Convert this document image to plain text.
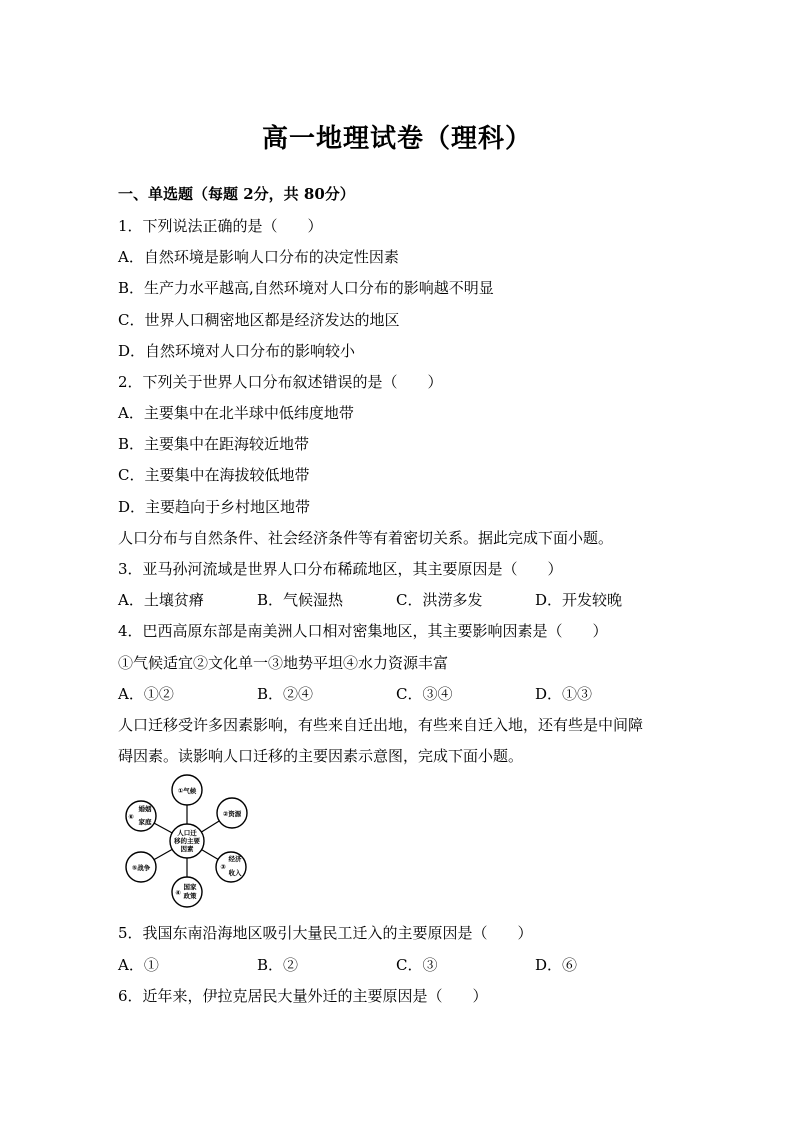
高一地理试卷（理科）
一、单选题（每题 2分，共 80分）
1．下列说法正确的是（　　）
A．自然环境是影响人口分布的决定性因素
B．生产力水平越高,自然环境对人口分布的影响越不明显
C．世界人口稠密地区都是经济发达的地区
D．自然环境对人口分布的影响较小
2．下列关于世界人口分布叙述错误的是（　　）
A．主要集中在北半球中低纬度地带
B．主要集中在距海较近地带
C．主要集中在海拔较低地带
D．主要趋向于乡村地区地带
人口分布与自然条件、社会经济条件等有着密切关系。据此完成下面小题。
3．亚马孙河流域是世界人口分布稀疏地区，其主要原因是（　　）
A．土壤贫瘠	B．气候湿热	C．洪涝多发	D．开发较晚
4．巴西高原东部是南美洲人口相对密集地区，其主要影响因素是（　　）
①气候适宜②文化单一③地势平坦④水力资源丰富
A．①②	B．②④	C．③④	D．①③
人口迁移受许多因素影响，有些来自迁出地，有些来自迁入地，还有些是中间障
碍因素。读影响人口迁移的主要因素示意图，完成下面小题。
人口迁
移的主要
因素
①气候
②资源
经济
③
收入
④
国家
政策
⑤战争
婚姻
⑥
家庭
5．我国东南沿海地区吸引大量民工迁入的主要原因是（　　）
A．①	B．②	C．③	D．⑥
6．近年来，伊拉克居民大量外迁的主要原因是（　　）
